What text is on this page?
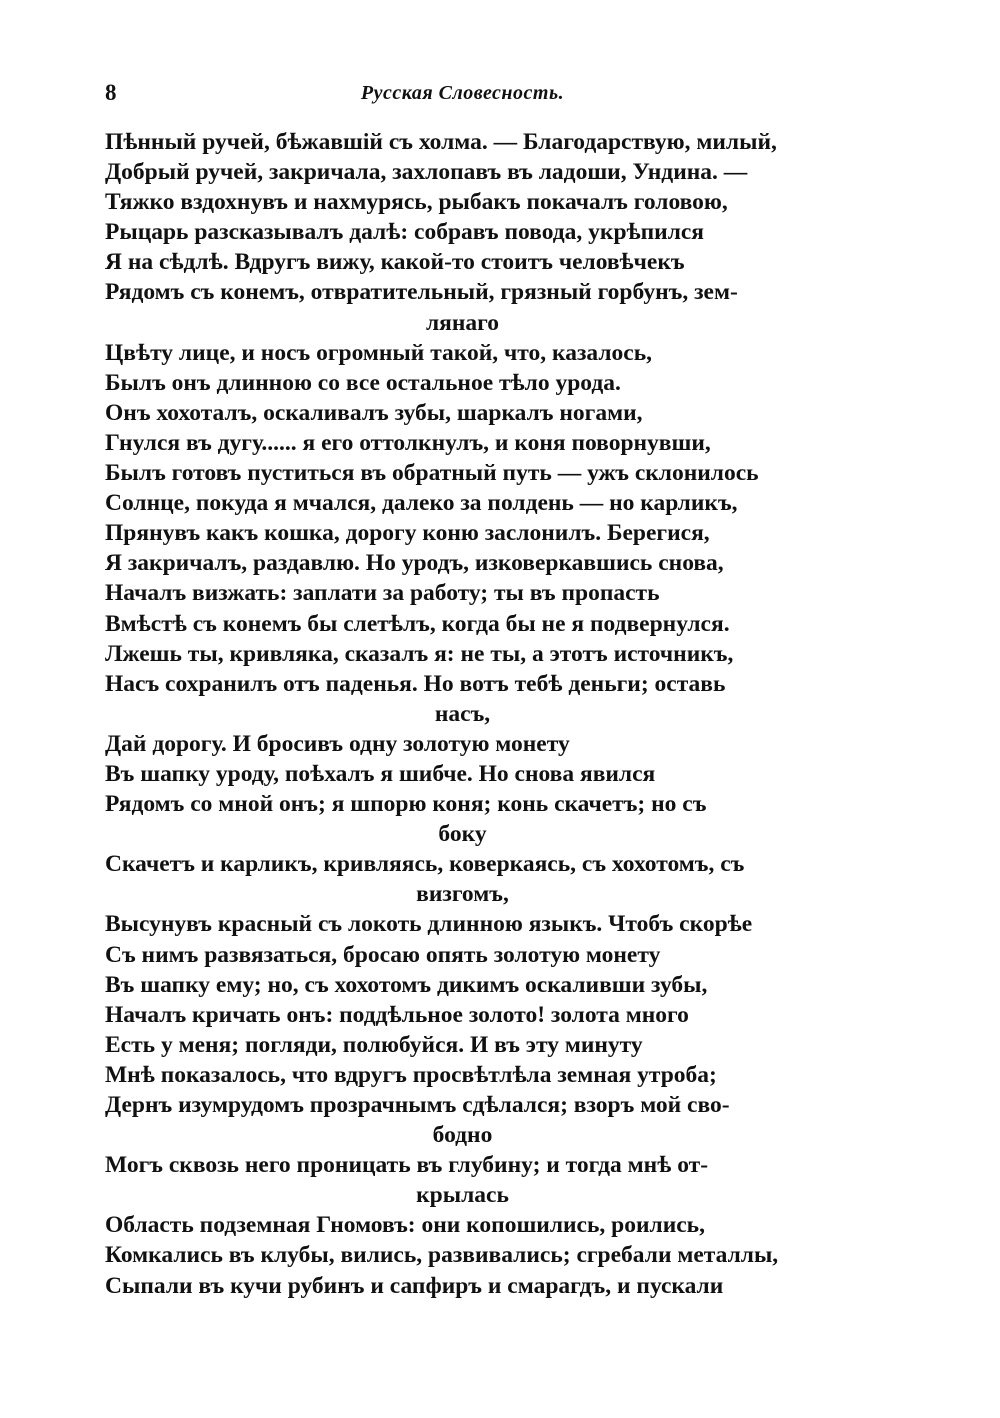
8	Русская Словесность.
Пѣнный ручей, бѣжавшій съ холма. — Благодарствую, милый,
Добрый ручей, закричала, захлопавъ въ ладоши, Ундина. —
Тяжко вздохнувъ и нахмурясь, рыбакъ покачалъ головою,
Рыцарь разсказывалъ далѣ: собравъ повода, укрѣпился
Я на сѣдлѣ. Вдругъ вижу, какой-то стоитъ человѣчекъ
Рядомъ съ конемъ, отвратительный, грязный горбунъ, зем-
лянаго
Цвѣту лице, и носъ огромный такой, что, казалось,
Былъ онъ длинною со все остальное тѣло урода.
Онъ хохоталъ, оскаливалъ зубы, шаркалъ ногами,
Гнулся въ дугу...... я его оттолкнулъ, и коня поворнувши,
Былъ готовъ пуститься въ обратный путь — ужъ склонилось
Солнце, покуда я мчался, далеко за полдень — но карликъ,
Прянувъ какъ кошка, дорогу коню заслонилъ. Берегися,
Я закричалъ, раздавлю. Но уродъ, изковеркавшись снова,
Началъ визжать: заплати за работу; ты въ пропасть
Вмѣстѣ съ конемъ бы слетѣлъ, когда бы не я подвернулся.
Лжешь ты, кривляка, сказалъ я: не ты, а этотъ источникъ,
Насъ сохранилъ отъ паденья. Но вотъ тебѣ деньги; оставь
насъ,
Дай дорогу. И бросивъ одну золотую монету
Въ шапку уроду, поѣхалъ я шибче. Но снова явился
Рядомъ со мной онъ; я шпорю коня; конь скачетъ; но съ
боку
Скачетъ и карликъ, кривляясь, коверкаясь, съ хохотомъ, съ
визгомъ,
Высунувъ красный съ локоть длинною языкъ. Чтобъ скорѣе
Съ нимъ развязаться, бросаю опять золотую монету
Въ шапку ему; но, съ хохотомъ дикимъ оскаливши зубы,
Началъ кричать онъ: поддѣльное золото! золота много
Есть у меня; погляди, полюбуйся. И въ эту минуту
Мнѣ показалось, что вдругъ просвѣтлѣла земная утроба;
Дернъ изумрудомъ прозрачнымъ сдѣлался; взоръ мой сво-
бодно
Могъ сквозь него проницать въ глубину; и тогда мнѣ от-
крылась
Область подземная Гномовъ: они копошились, роились,
Комкались въ клубы, вились, развивались; сгребали металлы,
Сыпали въ кучи рубинъ и сапфиръ и смарагдъ, и пускали
